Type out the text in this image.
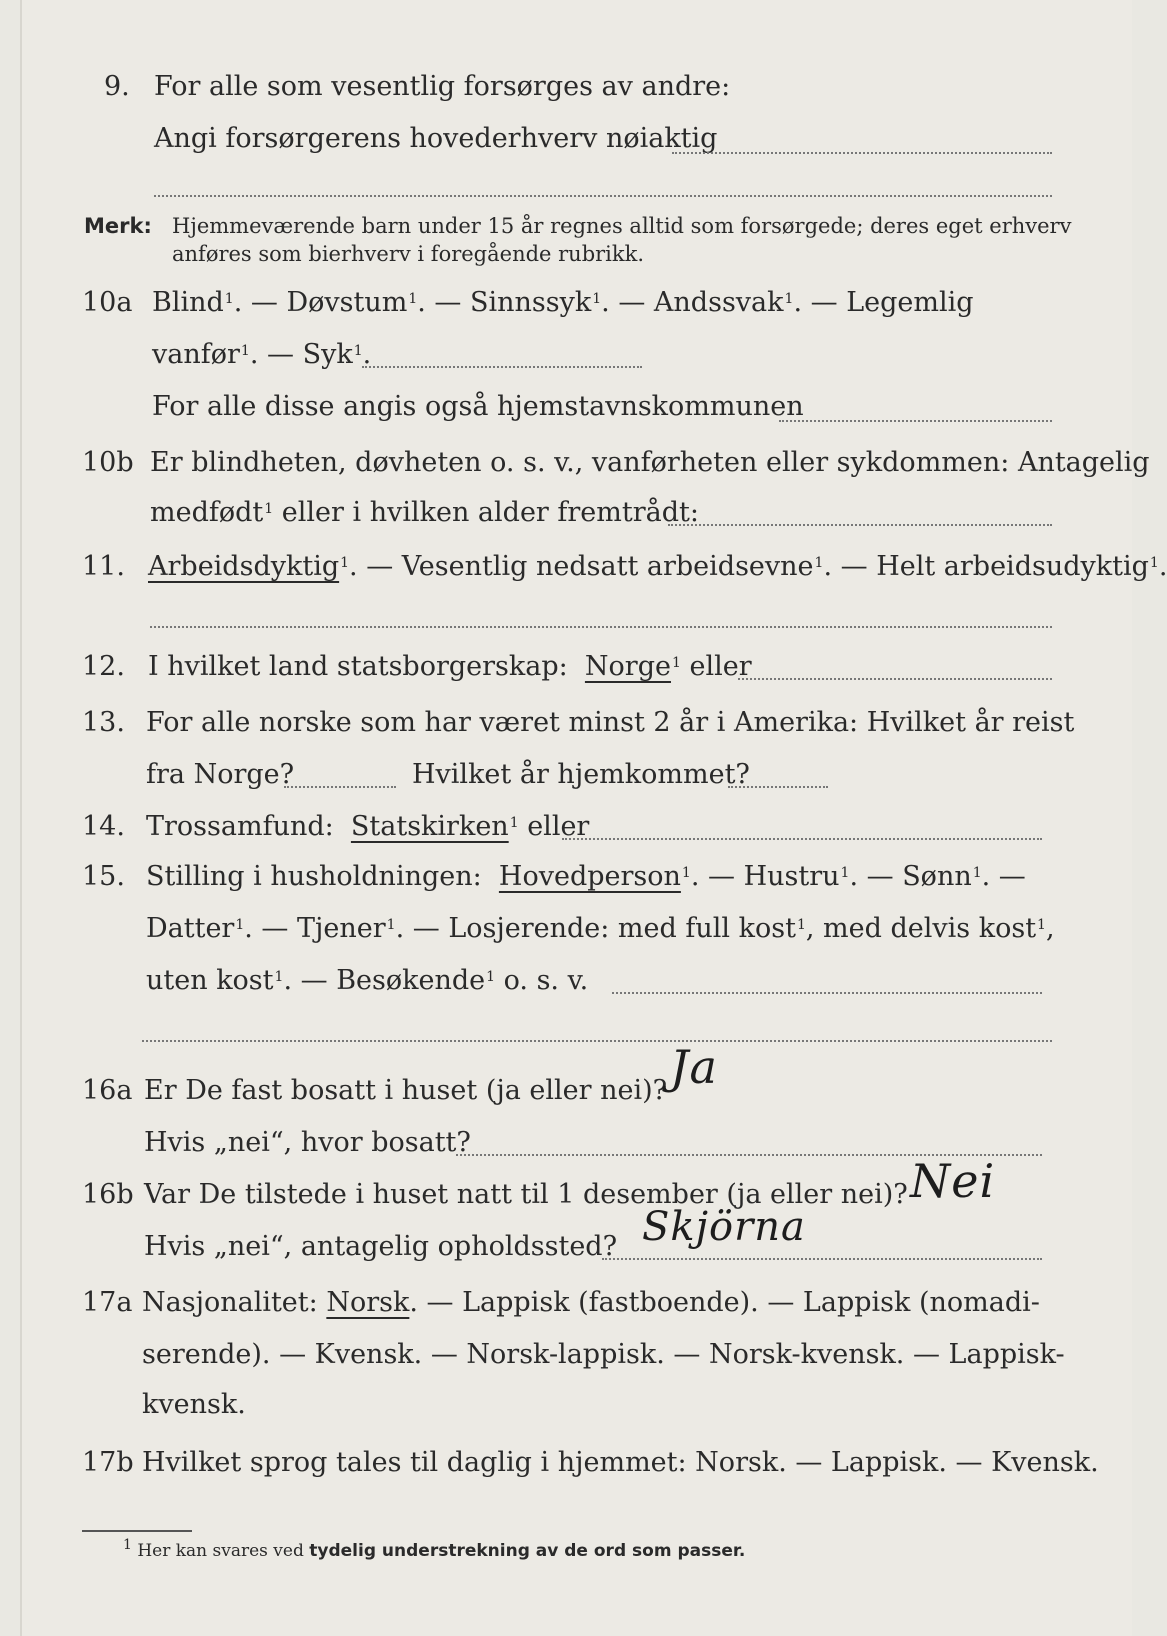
9. For alle som vesentlig forsørges av andre:
Angi forsørgerens hovederhverv nøiaktig
Merk: Hjemmeværende barn under 15 år regnes alltid som forsørgede; deres eget erhverv
anføres som bierhverv i foregående rubrikk.
10a Blind$^1$. — Døvstum$^1$. — Sinnssyk$^1$. — Andssvak$^1$. — Legemlig
vanfør$^1$. — Syk$^1$.
For alle disse angis også hjemstavnskommunen
10b Er blindheten, døvheten o. s. v., vanførheten eller sykdommen: Antagelig
medfødt$^1$ eller i hvilken alder fremtrådt:
11. Arbeidsdyktig$^1$. — Vesentlig nedsatt arbeidsevne$^1$. — Helt arbeidsudyktig$^1$.
12. I hvilket land statsborgerskap: Norge$^1$ eller
13. For alle norske som har været minst 2 år i Amerika: Hvilket år reist
fra Norge?	Hvilket år hjemkommet?
14. Trossamfund: Statskirken$^1$ eller
15. Stilling i husholdningen: Hovedperson$^1$. — Hustru$^1$. — Sønn$^1$. —
Datter$^1$. — Tjener$^1$. — Losjerende: med full kost$^1$, med delvis kost$^1$,
uten kost$^1$. — Besøkende$^1$ o. s. v.
16a Er De fast bosatt i huset (ja eller nei)? Ja
Hvis „nei“, hvor bosatt?
16b Var De tilstede i huset natt til 1 desember (ja eller nei)? Nei
Hvis „nei“, antagelig opholdssted? Skjörna
17a Nasjonalitet: Norsk. — Lappisk (fastboende). — Lappisk (nomadi-
serende). — Kvensk. — Norsk-lappisk. — Norsk-kvensk. — Lappisk-
kvensk.
17b Hvilket sprog tales til daglig i hjemmet: Norsk. — Lappisk. — Kvensk.
$^1$ Her kan svares ved tydelig understrekning av de ord som passer.
